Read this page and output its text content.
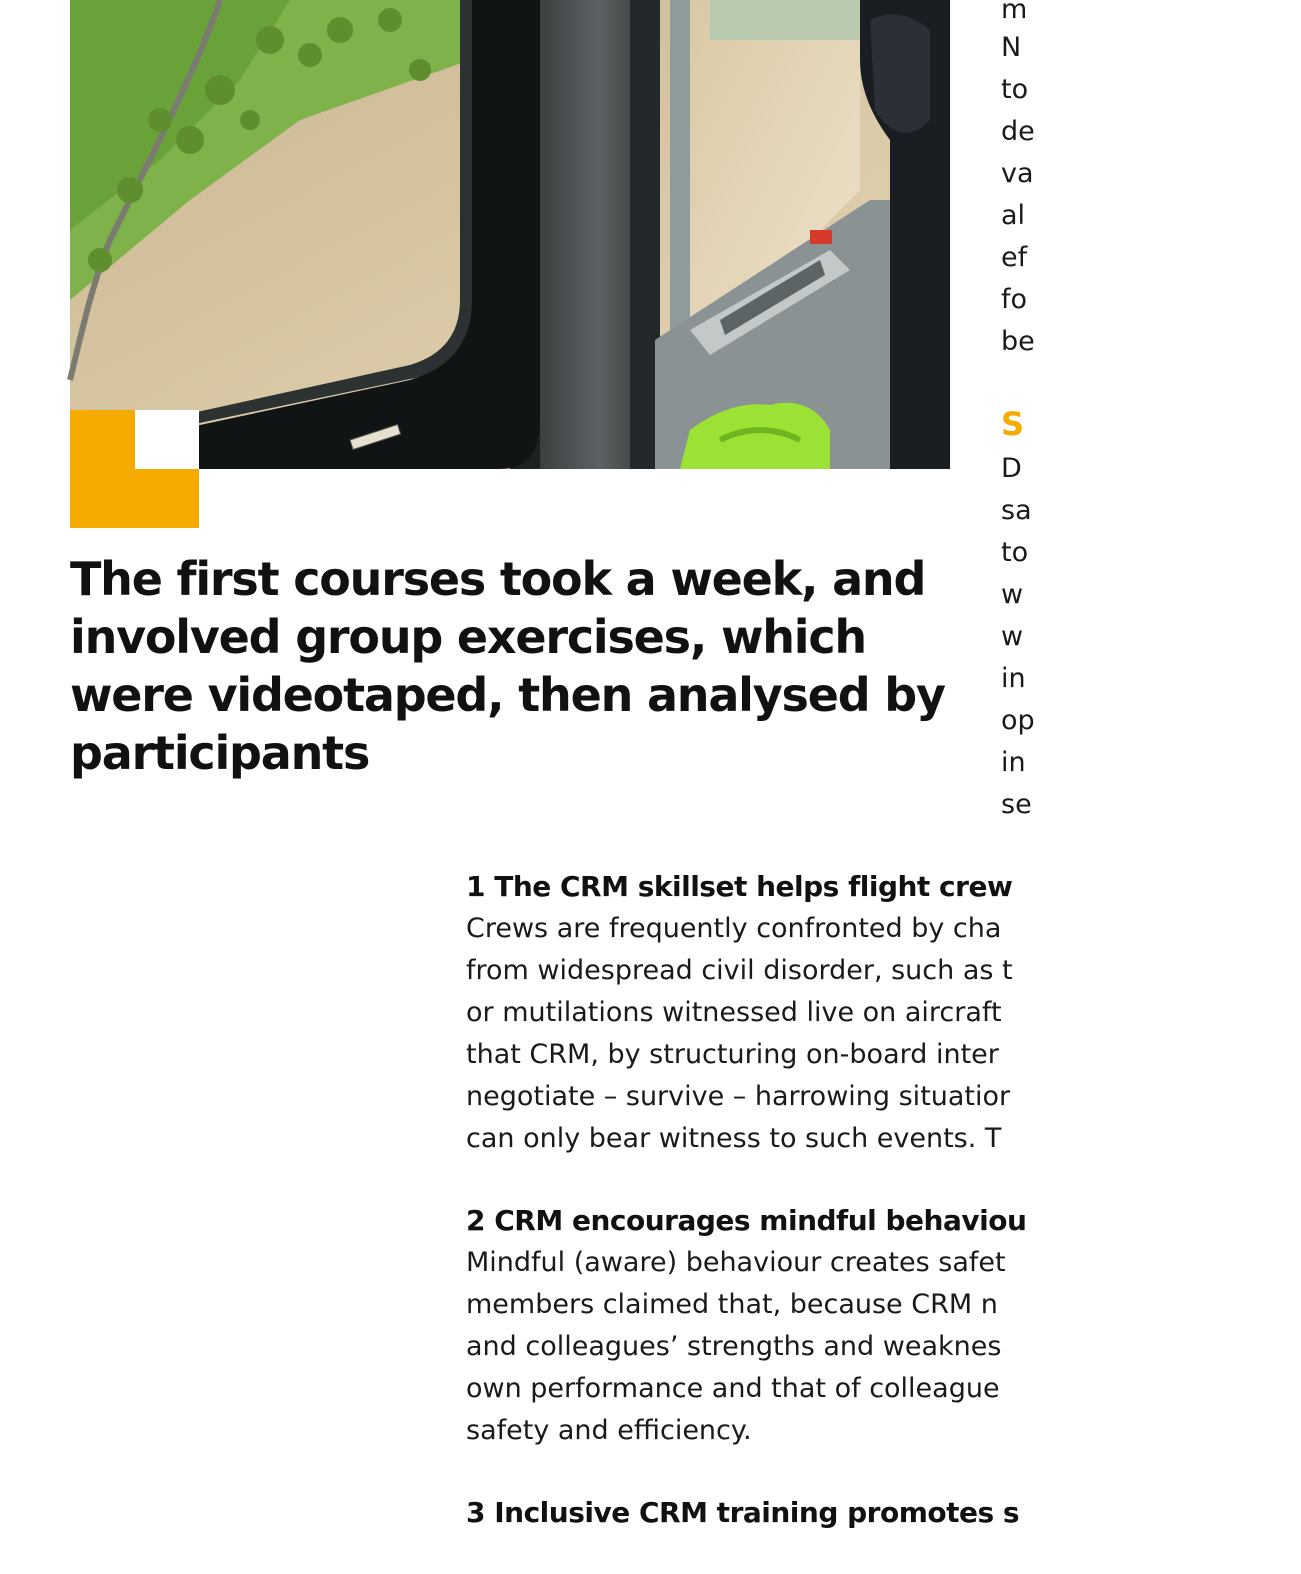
The first courses took a week, and involved group exercises, which were videotaped, then analysed by participants
m
N
to
de
va
al
ef
fo
be
S
D
sa
to
w
w
in
op
in
se
1 The CRM skillset helps flight crew
Crews are frequently confronted by cha
from widespread civil disorder, such as t
or mutilations witnessed live on aircraft
that CRM, by structuring on-board inter
negotiate – survive – harrowing situatior
can only bear witness to such events. T
2 CRM encourages mindful behaviou
Mindful (aware) behaviour creates safet
members claimed that, because CRM n
and colleagues’ strengths and weaknes
own performance and that of colleague
safety and efficiency.
3 Inclusive CRM training promotes s
